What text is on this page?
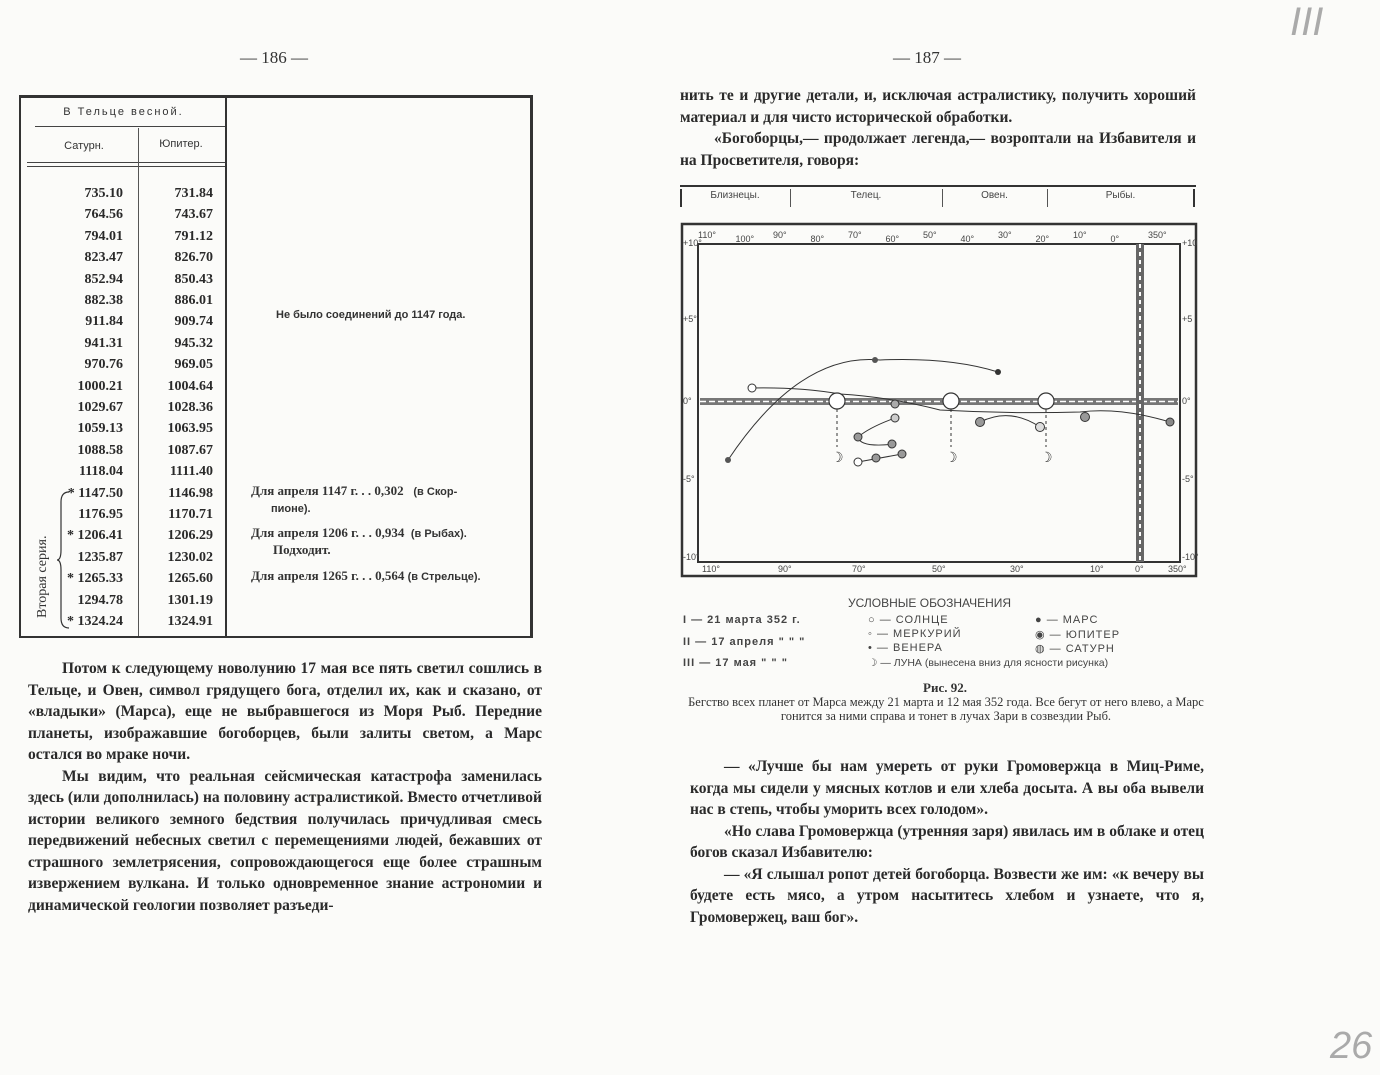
— 186 —
В Тельце весной.
Сатурн.	Юпитер.
735.10	731.84
764.56	743.67
794.01	791.12
823.47	826.70
852.94	850.43
882.38	886.01
911.84	909.74
941.31	945.32
970.76	969.05
1000.21	1004.64
1029.67	1028.36
1059.13	1063.95
1088.58	1087.67
1118.04	1111.40
* 1147.50	1146.98
1176.95	1170.71
* 1206.41	1206.29
1235.87	1230.02
* 1265.33	1265.60
1294.78	1301.19
* 1324.24	1324.91
Не было соединений до 1147 года.
Для апреля 1147 г. . . 0,302 (в Скор-
пионе).
Для апреля 1206 г. . . 0,934 (в Рыбах).
Подходит.
Для апреля 1265 г. . . 0,564 (в Стрельце).
Вторая серия.

Потом к следующему новолунию 17 мая все пять светил сошлись в Тельце, и Овен, символ грядущего бога, отделил их, как и сказано, от «владыки» (Марса), еще не выбравшегося из Моря Рыб. Передние планеты, изображавшие богоборцев, были залиты светом, а Марс остался во мраке ночи.

Мы видим, что реальная сейсмическая катастрофа заменилась здесь (или дополнилась) на половину астралистикой. Вместо отчетливой истории великого земного бедствия получилась причудливая смесь передвижений небесных светил с перемещениями людей, бежавших от страшного землетрясения, сопровождающегося еще более страшным извержением вулкана. И только одновременное знание астрономии и динамической геологии позволяет разъеди-

III
26
— 187 —

нить те и другие детали, и, исключая астралистику, получить хороший материал и для чисто исторической обработки.

«Богоборцы,— продолжает легенда,— возроптали на Избавителя и на Просветителя, говоря:

Близнецы.	Телец.	Овен.	Рыбы.
110° 100° 90°	80°	70°	60°	50°	40°	30°	20°	10°	0°	350°
110°	90°	70°	50°	30°	10°	0°	350°
+10°
+5°
0°
-5°
-10°
+10
+5
0°
-5°
-10°
☽	☽	☽
УСЛОВНЫЕ ОБОЗНАЧЕНИЯ
I — 21 марта 352 г.
II — 17 апреля " " "
III — 17 мая " " "
○ — СОЛНЦЕ
◦ — МЕРКУРИЙ
• — ВЕНЕРА
☽ — ЛУНА (вынесена вниз для ясности рисунка)
● — МАРС
◉ — ЮПИТЕР
◍ — САТУРН
Рис. 92.
Бегство всех планет от Марса между 21 марта и 12 мая 352 года. Все бегут от него влево, а Марс гонится за ними справа и тонет в лучах Зари в созвездии Рыб.

— «Лучше бы нам умереть от руки Громовержца в Миц-Риме, когда мы сидели у мясных котлов и ели хлеба досыта. А вы оба вывели нас в степь, чтобы уморить всех голодом».

«Но слава Громовержца (утренняя заря) явилась им в облаке и отец богов сказал Избавителю:

— «Я слышал ропот детей богоборца. Возвести же им: «к вечеру вы будете есть мясо, а утром насытитесь хлебом и узнаете, что я, Громовержец, ваш бог».
